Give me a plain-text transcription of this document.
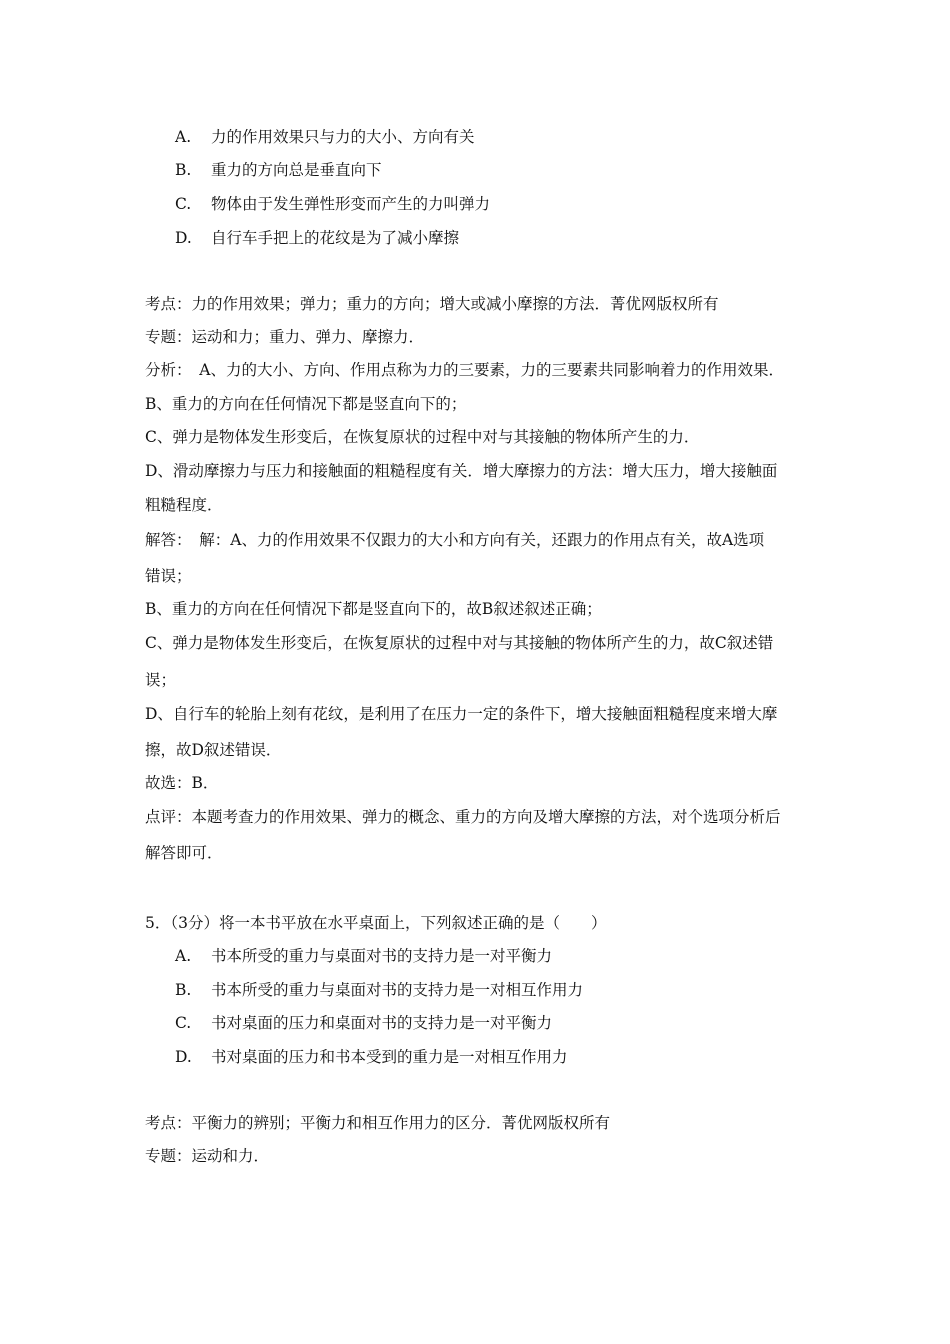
A. 力的作用效果只与力的大小、方向有关
B. 重力的方向总是垂直向下
C. 物体由于发生弹性形变而产生的力叫弹力
D. 自行车手把上的花纹是为了减小摩擦
考点：力的作用效果；弹力；重力的方向；增大或减小摩擦的方法．菁优网版权所有
专题：运动和力；重力、弹力、摩擦力．
分析：　A、力的大小、方向、作用点称为力的三要素，力的三要素共同影响着力的作用效果．
B、重力的方向在任何情况下都是竖直向下的；
C、弹力是物体发生形变后，在恢复原状的过程中对与其接触的物体所产生的力．
D、滑动摩擦力与压力和接触面的粗糙程度有关．增大摩擦力的方法：增大压力，增大接触面
粗糙程度．
解答：　解：A、力的作用效果不仅跟力的大小和方向有关，还跟力的作用点有关，故A选项
错误；
B、重力的方向在任何情况下都是竖直向下的，故B叙述叙述正确；
C、弹力是物体发生形变后，在恢复原状的过程中对与其接触的物体所产生的力，故C叙述错
误；
D、自行车的轮胎上刻有花纹，是利用了在压力一定的条件下，增大接触面粗糙程度来增大摩
擦，故D叙述错误．
故选：B．
点评：本题考查力的作用效果、弹力的概念、重力的方向及增大摩擦的方法，对个选项分析后
解答即可．
5．（3分）将一本书平放在水平桌面上，下列叙述正确的是（　　）
A. 书本所受的重力与桌面对书的支持力是一对平衡力
B. 书本所受的重力与桌面对书的支持力是一对相互作用力
C. 书对桌面的压力和桌面对书的支持力是一对平衡力
D. 书对桌面的压力和书本受到的重力是一对相互作用力
考点：平衡力的辨别；平衡力和相互作用力的区分．菁优网版权所有
专题：运动和力．
